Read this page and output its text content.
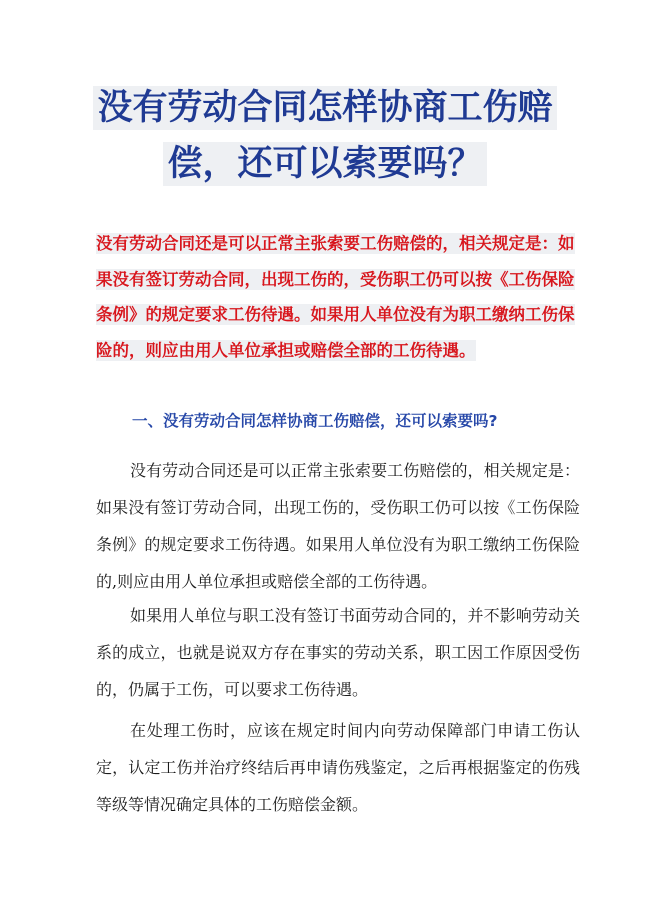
没有劳动合同怎样协商工伤赔
偿，还可以索要吗？

没有劳动合同还是可以正常主张索要工伤赔偿的，相关规定是：如果没有签订劳动合同，出现工伤的，受伤职工仍可以按《工伤保险条例》的规定要求工伤待遇。如果用人单位没有为职工缴纳工伤保险的，则应由用人单位承担或赔偿全部的工伤待遇。

一、没有劳动合同怎样协商工伤赔偿，还可以索要吗?

没有劳动合同还是可以正常主张索要工伤赔偿的，相关规定是：如果没有签订劳动合同，出现工伤的，受伤职工仍可以按《工伤保险条例》的规定要求工伤待遇。如果用人单位没有为职工缴纳工伤保险的,则应由用人单位承担或赔偿全部的工伤待遇。

如果用人单位与职工没有签订书面劳动合同的，并不影响劳动关系的成立，也就是说双方存在事实的劳动关系，职工因工作原因受伤的，仍属于工伤，可以要求工伤待遇。

在处理工伤时，应该在规定时间内向劳动保障部门申请工伤认定，认定工伤并治疗终结后再申请伤残鉴定，之后再根据鉴定的伤残等级等情况确定具体的工伤赔偿金额。
